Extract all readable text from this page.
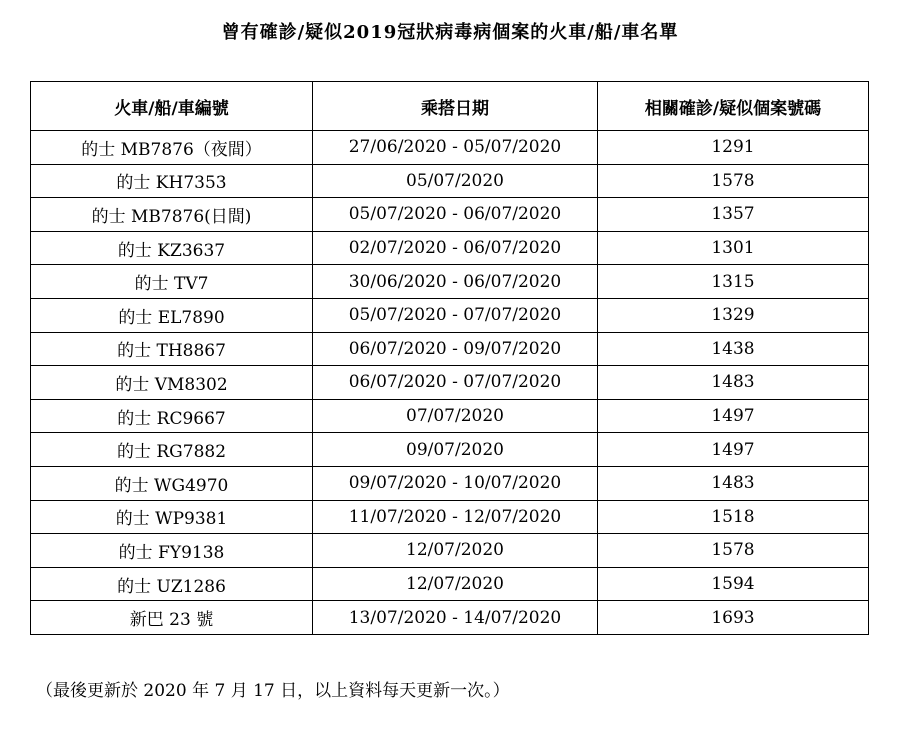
曾有確診/疑似2019冠狀病毒病個案的火車/船/車名單
火車/船/車編號	乘搭日期	相關確診/疑似個案號碼
的士 MB7876（夜間）	27/06/2020 - 05/07/2020	1291
的士 KH7353	05/07/2020	1578
的士 MB7876(日間)	05/07/2020 - 06/07/2020	1357
的士 KZ3637	02/07/2020 - 06/07/2020	1301
的士 TV7	30/06/2020 - 06/07/2020	1315
的士 EL7890	05/07/2020 - 07/07/2020	1329
的士 TH8867	06/07/2020 - 09/07/2020	1438
的士 VM8302	06/07/2020 - 07/07/2020	1483
的士 RC9667	07/07/2020	1497
的士 RG7882	09/07/2020	1497
的士 WG4970	09/07/2020 - 10/07/2020	1483
的士 WP9381	11/07/2020 - 12/07/2020	1518
的士 FY9138	12/07/2020	1578
的士 UZ1286	12/07/2020	1594
新巴 23 號	13/07/2020 - 14/07/2020	1693
（最後更新於 2020 年 7 月 17 日，以上資料每天更新一次。）
